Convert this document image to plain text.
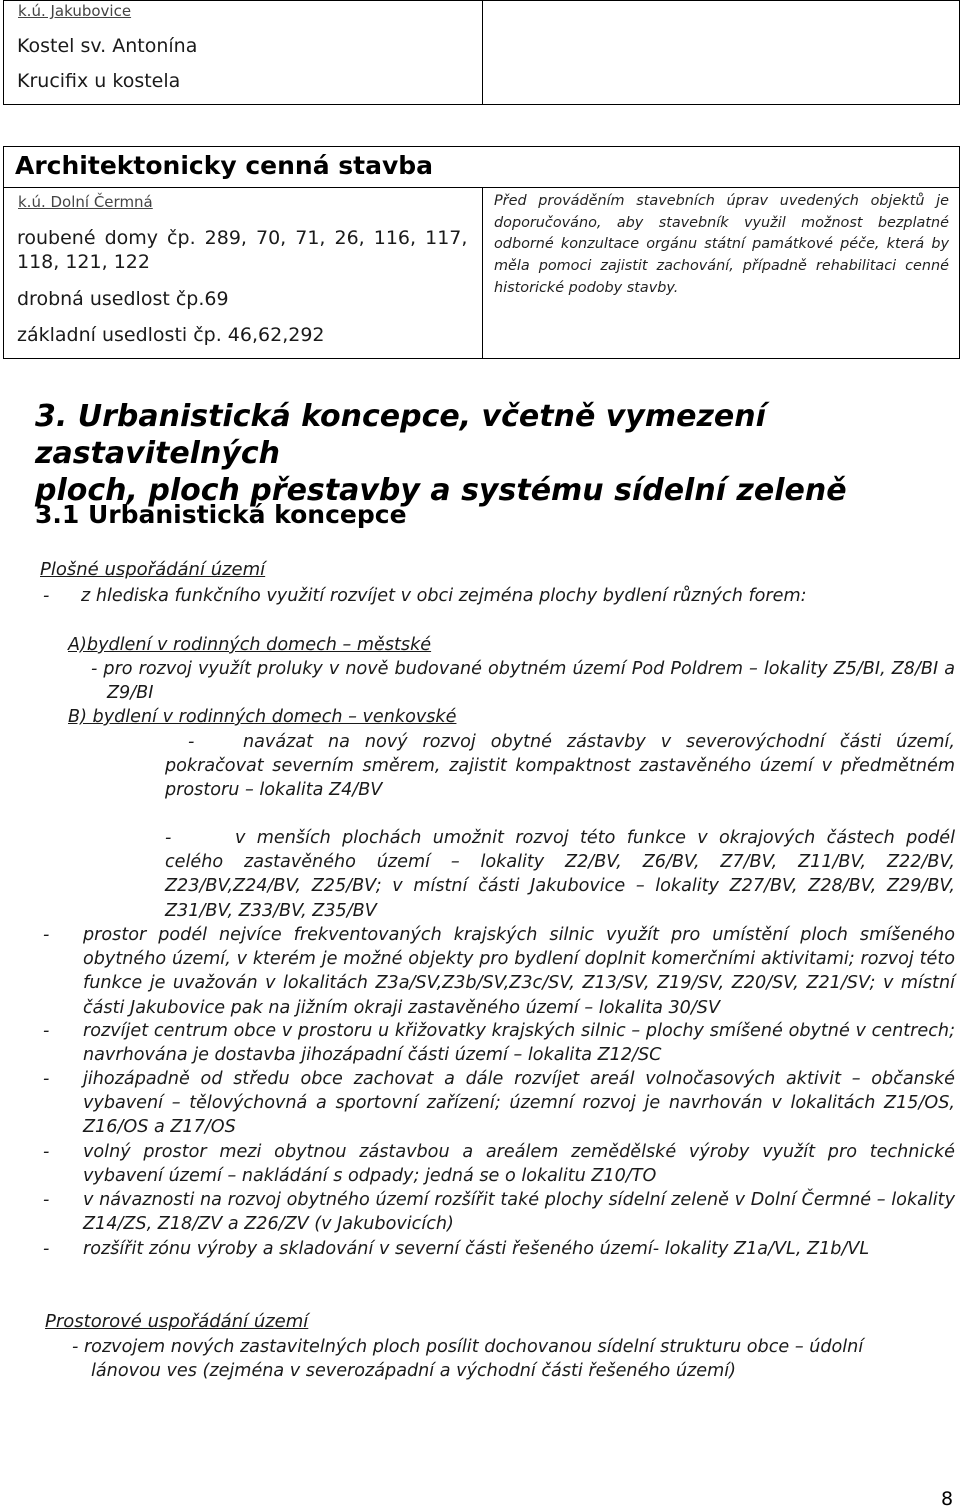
k.ú. Jakubovice
Kostel sv. Antonína
Krucifix u kostela
Architektonicky cenná stavba
k.ú. Dolní Čermná
roubené domy čp. 289, 70, 71, 26, 116, 117,
118, 121, 122
drobná usedlost čp.69
základní usedlosti čp. 46,62,292
Před prováděním stavebních úprav uvedených objektů je doporučováno, aby stavebník využil možnost bezplatné odborné konzultace orgánu státní památkové péče, která by měla pomoci zajistit zachování, případně rehabilitaci cenné historické podoby stavby.
3. Urbanistická koncepce, včetně vymezení zastavitelných
ploch, ploch přestavby a systému sídelní zeleně
3.1 Urbanistická koncepce
Plošné uspořádání území
- z hlediska funkčního využití rozvíjet v obci zejména plochy bydlení různých forem:
A)bydlení v rodinných domech – městské
- pro rozvoj využít proluky v nově budované obytném území Pod Poldrem – lokality Z5/BI, Z8/BI a Z9/BI
B) bydlení v rodinných domech – venkovské
-	navázat na nový rozvoj obytné zástavby v severovýchodní části území, pokračovat severním směrem, zajistit kompaktnost zastavěného území v předmětném prostoru – lokalita Z4/BV
-	v menších plochách umožnit rozvoj této funkce v okrajových částech podél celého zastavěného území – lokality Z2/BV, Z6/BV, Z7/BV, Z11/BV, Z22/BV, Z23/BV,Z24/BV, Z25/BV; v místní části Jakubovice – lokality Z27/BV, Z28/BV, Z29/BV, Z31/BV, Z33/BV, Z35/BV
- prostor podél nejvíce frekventovaných krajských silnic využít pro umístění ploch smíšeného obytného území, v kterém je možné objekty pro bydlení doplnit komerčními aktivitami; rozvoj této funkce je uvažován v lokalitách Z3a/SV,Z3b/SV,Z3c/SV, Z13/SV, Z19/SV, Z20/SV, Z21/SV; v místní části Jakubovice pak na jižním okraji zastavěného území – lokalita 30/SV
- rozvíjet centrum obce v prostoru u křižovatky krajských silnic – plochy smíšené obytné v centrech; navrhována je dostavba jihozápadní části území – lokalita Z12/SC
- jihozápadně od středu obce zachovat a dále rozvíjet areál volnočasových aktivit – občanské vybavení – tělovýchovná a sportovní zařízení; územní rozvoj je navrhován v lokalitách Z15/OS, Z16/OS a Z17/OS
- volný prostor mezi obytnou zástavbou a areálem zemědělské výroby využít pro technické vybavení území – nakládání s odpady; jedná se o lokalitu Z10/TO
- v návaznosti na rozvoj obytného území rozšířit také plochy sídelní zeleně v Dolní Čermné – lokality Z14/ZS, Z18/ZV a Z26/ZV (v Jakubovicích)
- rozšířit zónu výroby a skladování v severní části řešeného území- lokality Z1a/VL, Z1b/VL
Prostorové uspořádání území
- rozvojem nových zastavitelných ploch posílit dochovanou sídelní strukturu obce – údolní lánovou ves (zejména v severozápadní a východní části řešeného území)
8
